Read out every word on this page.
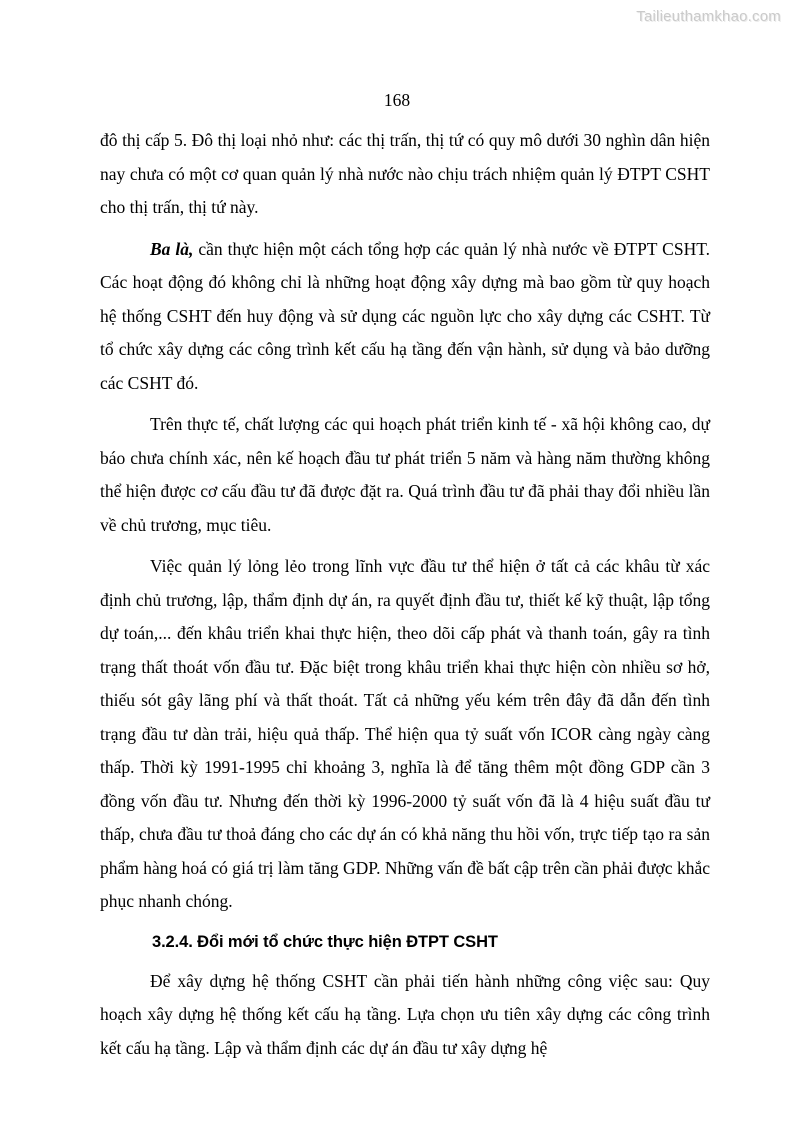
Tailieuthamkhao.com
168

đô thị cấp 5. Đô thị loại nhỏ như: các thị trấn, thị tứ có quy mô dưới 30 nghìn dân hiện nay chưa có một cơ quan quản lý nhà nước nào chịu trách nhiệm quản lý ĐTPT CSHT cho thị trấn, thị tứ này.

Ba là, cần thực hiện một cách tổng hợp các quản lý nhà nước về ĐTPT CSHT. Các hoạt động đó không chỉ là những hoạt động xây dựng mà bao gồm từ quy hoạch hệ thống CSHT đến huy động và sử dụng các nguồn lực cho xây dựng các CSHT. Từ tổ chức xây dựng các công trình kết cấu hạ tầng đến vận hành, sử dụng và bảo dưỡng các CSHT đó.

Trên thực tế, chất lượng các qui hoạch phát triển kinh tế - xã hội không cao, dự báo chưa chính xác, nên kế hoạch đầu tư phát triển 5 năm và hàng năm thường không thể hiện được cơ cấu đầu tư đã được đặt ra. Quá trình đầu tư đã phải thay đổi nhiều lần về chủ trương, mục tiêu.

Việc quản lý lỏng lẻo trong lĩnh vực đầu tư thể hiện ở tất cả các khâu từ xác định chủ trương, lập, thẩm định dự án, ra quyết định đầu tư, thiết kế kỹ thuật, lập tổng dự toán,... đến khâu triển khai thực hiện, theo dõi cấp phát và thanh toán, gây ra tình trạng thất thoát vốn đầu tư. Đặc biệt trong khâu triển khai thực hiện còn nhiều sơ hở, thiếu sót gây lãng phí và thất thoát. Tất cả những yếu kém trên đây đã dẫn đến tình trạng đầu tư dàn trải, hiệu quả thấp. Thể hiện qua tỷ suất vốn ICOR càng ngày càng thấp. Thời kỳ 1991-1995 chỉ khoảng 3, nghĩa là để tăng thêm một đồng GDP cần 3 đồng vốn đầu tư. Nhưng đến thời kỳ 1996-2000 tỷ suất vốn đã là 4 hiệu suất đầu tư thấp, chưa đầu tư thoả đáng cho các dự án có khả năng thu hồi vốn, trực tiếp tạo ra sản phẩm hàng hoá có giá trị làm tăng GDP. Những vấn đề bất cập trên cần phải được khắc phục nhanh chóng.

3.2.4. Đổi mới tổ chức thực hiện ĐTPT CSHT

Để xây dựng hệ thống CSHT cần phải tiến hành những công việc sau: Quy hoạch xây dựng hệ thống kết cấu hạ tầng. Lựa chọn ưu tiên xây dựng các công trình kết cấu hạ tầng. Lập và thẩm định các dự án đầu tư xây dựng hệ
